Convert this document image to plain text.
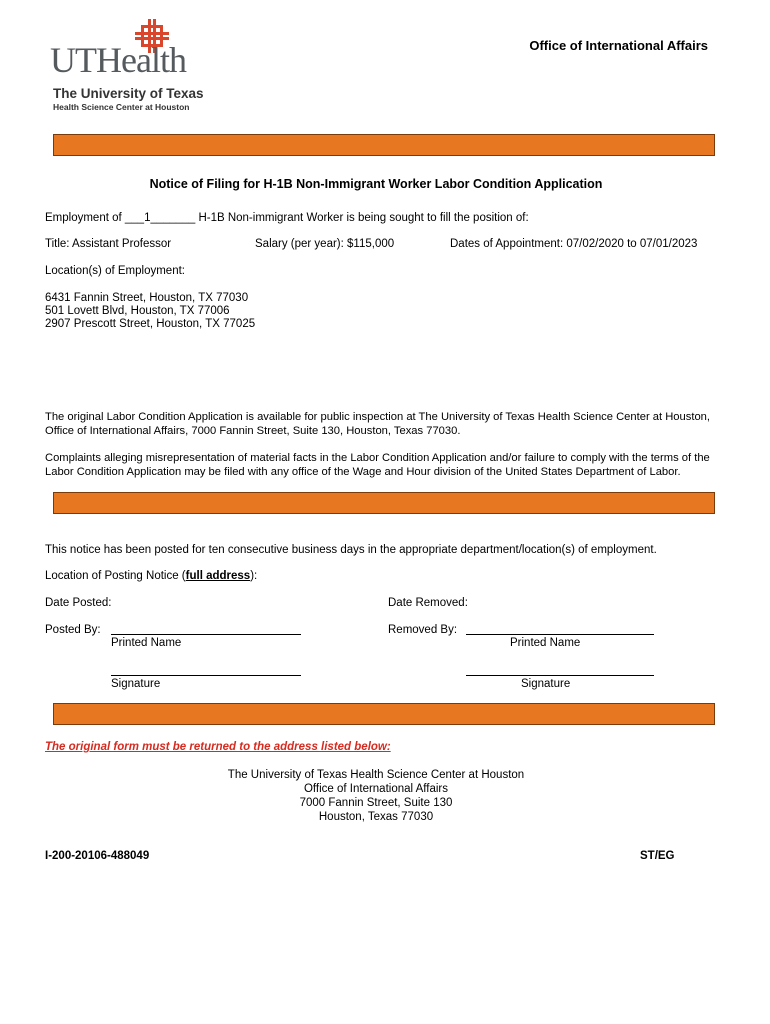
UTHealth
The University of Texas
Health Science Center at Houston
Office of International Affairs
Notice of Filing for H-1B Non-Immigrant Worker Labor Condition Application
Employment of ___1_______ H-1B Non-immigrant Worker is being sought to fill the position of:
Title: Assistant Professor	Salary (per year): $115,000	Dates of Appointment: 07/02/2020 to 07/01/2023
Location(s) of Employment:
6431 Fannin Street, Houston, TX 77030
501 Lovett Blvd, Houston, TX 77006
2907 Prescott Street, Houston, TX 77025
The original Labor Condition Application is available for public inspection at The University of Texas Health Science Center at Houston, Office of International Affairs, 7000 Fannin Street, Suite 130, Houston, Texas 77030.
Complaints alleging misrepresentation of material facts in the Labor Condition Application and/or failure to comply with the terms of the Labor Condition Application may be filed with any office of the Wage and Hour division of the United States Department of Labor.
This notice has been posted for ten consecutive business days in the appropriate department/location(s) of employment.
Location of Posting Notice (full address):
Date Posted:	Date Removed:
Posted By:
Printed Name
Removed By:
Printed Name
Signature	Signature
The original form must be returned to the address listed below:
The University of Texas Health Science Center at Houston
Office of International Affairs
7000 Fannin Street, Suite 130
Houston, Texas 77030
I-200-20106-488049	ST/EG
